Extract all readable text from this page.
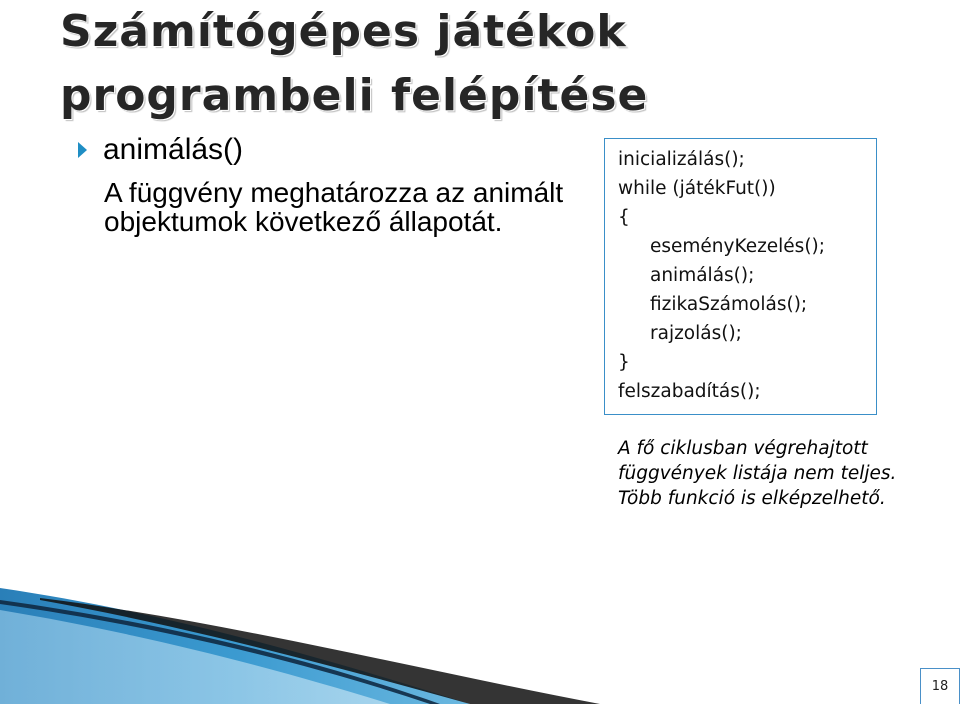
Számítógépes játékok programbeli felépítése
animálás()
A függvény meghatározza az animált objektumok következő állapotát.
inicializálás();
while (játékFut())
{
eseményKezelés();
animálás();
fizikaSzámolás();
rajzolás();
}
felszabadítás();
A fő ciklusban végrehajtott függvények listája nem teljes. Több funkció is elképzelhető.
18
